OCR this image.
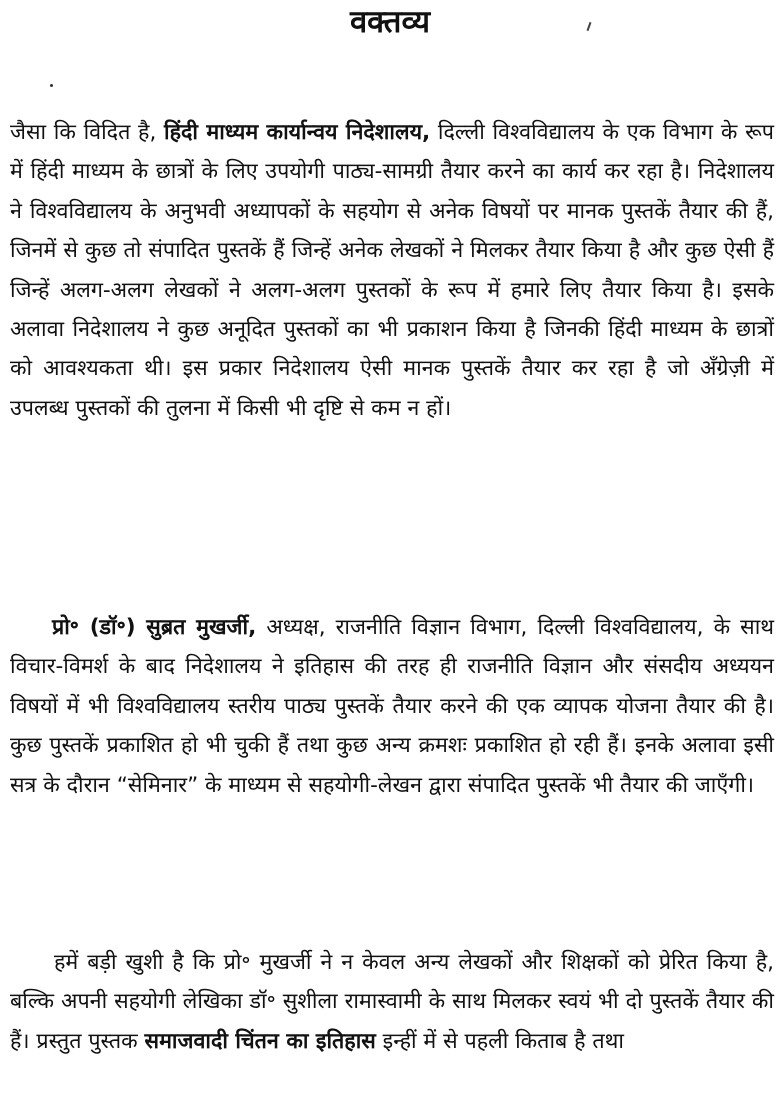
वक्तव्य

जैसा कि विदित है, हिंदी माध्यम कार्यान्वय निदेशालय, दिल्ली विश्वविद्यालय के एक विभाग के रूप में हिंदी माध्यम के छात्रों के लिए उपयोगी पाठ्य-सामग्री तैयार करने का कार्य कर रहा है। निदेशालय ने विश्वविद्यालय के अनुभवी अध्यापकों के सहयोग से अनेक विषयों पर मानक पुस्तकें तैयार की हैं, जिनमें से कुछ तो संपादित पुस्तकें हैं जिन्हें अनेक लेखकों ने मिलकर तैयार किया है और कुछ ऐसी हैं जिन्हें अलग-अलग लेखकों ने अलग-अलग पुस्तकों के रूप में हमारे लिए तैयार किया है। इसके अलावा निदेशालय ने कुछ अनूदित पुस्तकों का भी प्रकाशन किया है जिनकी हिंदी माध्यम के छात्रों को आवश्यकता थी। इस प्रकार निदेशालय ऐसी मानक पुस्तकें तैयार कर रहा है जो अँग्रेज़ी में उपलब्ध पुस्तकों की तुलना में किसी भी दृष्टि से कम न हों।

प्रो॰ (डॉ॰) सुब्रत मुखर्जी, अध्यक्ष, राजनीति विज्ञान विभाग, दिल्ली विश्वविद्यालय, के साथ विचार-विमर्श के बाद निदेशालय ने इतिहास की तरह ही राजनीति विज्ञान और संसदीय अध्ययन विषयों में भी विश्वविद्यालय स्तरीय पाठ्य पुस्तकें तैयार करने की एक व्यापक योजना तैयार की है। कुछ पुस्तकें प्रकाशित हो भी चुकी हैं तथा कुछ अन्य क्रमशः प्रकाशित हो रही हैं। इनके अलावा इसी सत्र के दौरान “सेमिनार” के माध्यम से सहयोगी-लेखन द्वारा संपादित पुस्तकें भी तैयार की जाएँगी।

हमें बड़ी खुशी है कि प्रो॰ मुखर्जी ने न केवल अन्य लेखकों और शिक्षकों को प्रेरित किया है, बल्कि अपनी सहयोगी लेखिका डॉ॰ सुशीला रामास्वामी के साथ मिलकर स्वयं भी दो पुस्तकें तैयार की हैं। प्रस्तुत पुस्तक समाजवादी चिंतन का इतिहास इन्हीं में से पहली किताब है तथा
